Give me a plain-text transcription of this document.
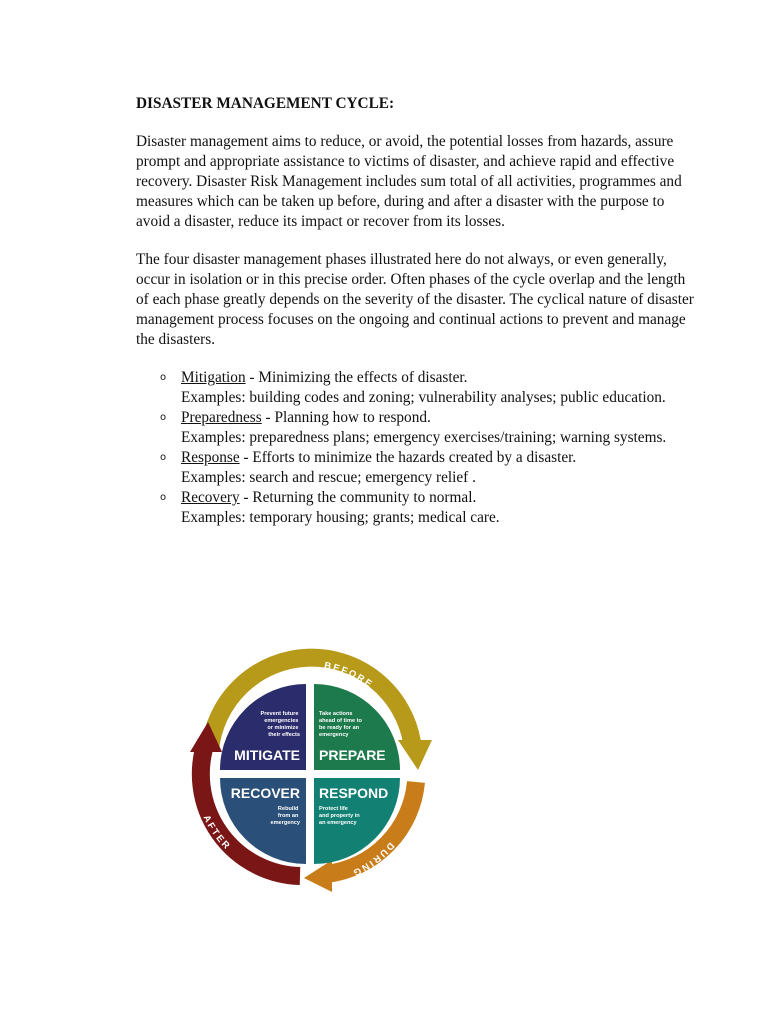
DISASTER MANAGEMENT CYCLE:

Disaster management aims to reduce, or avoid, the potential losses from hazards, assure prompt and appropriate assistance to victims of disaster, and achieve rapid and effective recovery. Disaster Risk Management includes sum total of all activities, programmes and measures which can be taken up before, during and after a disaster with the purpose to avoid a disaster, reduce its impact or recover from its losses.

The four disaster management phases illustrated here do not always, or even generally, occur in isolation or in this precise order. Often phases of the cycle overlap and the length of each phase greatly depends on the severity of the disaster. The cyclical nature of disaster management process focuses on the ongoing and continual actions to prevent and manage the disasters.

o Mitigation - Minimizing the effects of disaster.
Examples: building codes and zoning; vulnerability analyses; public education.
o Preparedness - Planning how to respond.
Examples: preparedness plans; emergency exercises/training; warning systems.
o Response - Efforts to minimize the hazards created by a disaster.
Examples: search and rescue; emergency relief .
o Recovery - Returning the community to normal.
Examples: temporary housing; grants; medical care.
BEFORE
DURING
AFTER
Prevent future emergencies or minimize their effects
MITIGATE
Take actions ahead of time to be ready for an emergency
PREPARE
RECOVER
Rebuild from an emergency
RESPOND
Protect life and property in an emergency
